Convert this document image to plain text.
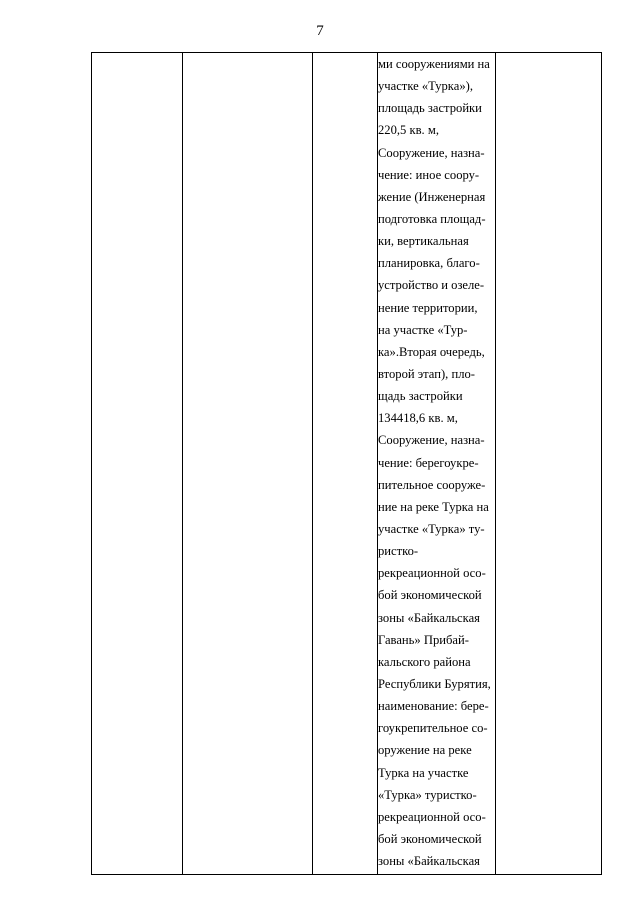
7
ми сооружениями на
участке «Турка»),
площадь застройки
220,5 кв. м,
Сооружение, назна-
чение: иное соору-
жение (Инженерная
подготовка площад-
ки, вертикальная
планировка, благо-
устройство и озеле-
нение территории,
на участке «Тур-
ка».Вторая очередь,
второй этап), пло-
щадь застройки
134418,6 кв. м,
Сооружение, назна-
чение: берегоукре-
пительное сооруже-
ние на реке Турка на
участке «Турка» ту-
ристко-
рекреационной осо-
бой экономической
зоны «Байкальская
Гавань» Прибай-
кальского района
Республики Бурятия,
наименование: бере-
гоукрепительное со-
оружение на реке
Турка на участке
«Турка» туристко-
рекреационной осо-
бой экономической
зоны «Байкальская
